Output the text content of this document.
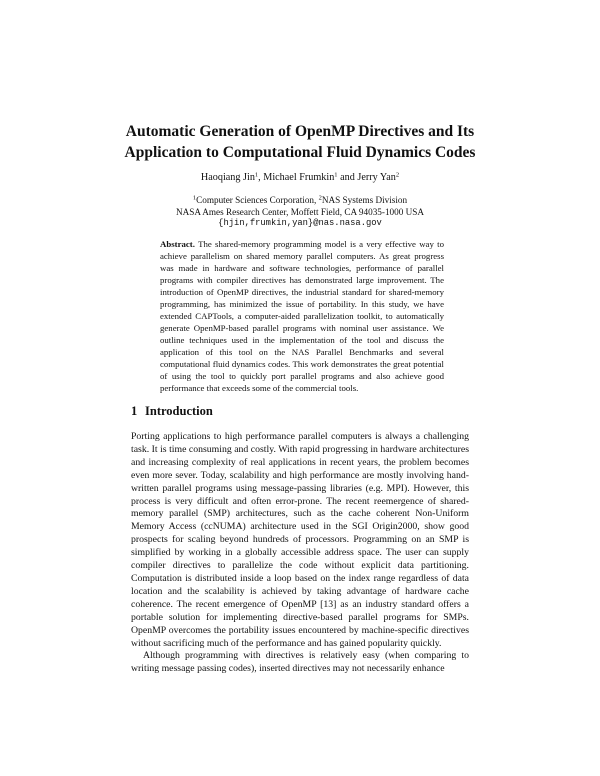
Automatic Generation of OpenMP Directives and Its
Application to Computational Fluid Dynamics Codes
Haoqiang Jin$^1$, Michael Frumkin$^1$ and Jerry Yan$^2$
$^1$Computer Sciences Corporation, $^2$NAS Systems Division
NASA Ames Research Center, Moffett Field, CA 94035-1000 USA
{hjin,frumkin,yan}@nas.nasa.gov
Abstract. The shared-memory programming model is a very effective way to achieve parallelism on shared memory parallel computers. As great progress was made in hardware and software technologies, performance of parallel programs with compiler directives has demonstrated large improvement. The introduction of OpenMP directives, the industrial standard for shared-memory programming, has minimized the issue of portability. In this study, we have extended CAPTools, a computer-aided parallelization toolkit, to automatically generate OpenMP-based parallel programs with nominal user assistance. We outline techniques used in the implementation of the tool and discuss the application of this tool on the NAS Parallel Benchmarks and several computational fluid dynamics codes. This work demonstrates the great potential of using the tool to quickly port parallel programs and also achieve good performance that exceeds some of the commercial tools.
1 Introduction

Porting applications to high performance parallel computers is always a challenging task. It is time consuming and costly. With rapid progressing in hardware architectures and increasing complexity of real applications in recent years, the problem becomes even more sever. Today, scalability and high performance are mostly involving hand-written parallel programs using message-passing libraries (e.g. MPI). However, this process is very difficult and often error-prone. The recent reemergence of shared-memory parallel (SMP) architectures, such as the cache coherent Non-Uniform Memory Access (ccNUMA) architecture used in the SGI Origin2000, show good prospects for scaling beyond hundreds of processors. Programming on an SMP is simplified by working in a globally accessible address space. The user can supply compiler directives to parallelize the code without explicit data partitioning. Computation is distributed inside a loop based on the index range regardless of data location and the scalability is achieved by taking advantage of hardware cache coherence. The recent emergence of OpenMP [13] as an industry standard offers a portable solution for implementing directive-based parallel programs for SMPs. OpenMP overcomes the portability issues encountered by machine-specific directives without sacrificing much of the performance and has gained popularity quickly.

Although programming with directives is relatively easy (when comparing to writing message passing codes), inserted directives may not necessarily enhance
